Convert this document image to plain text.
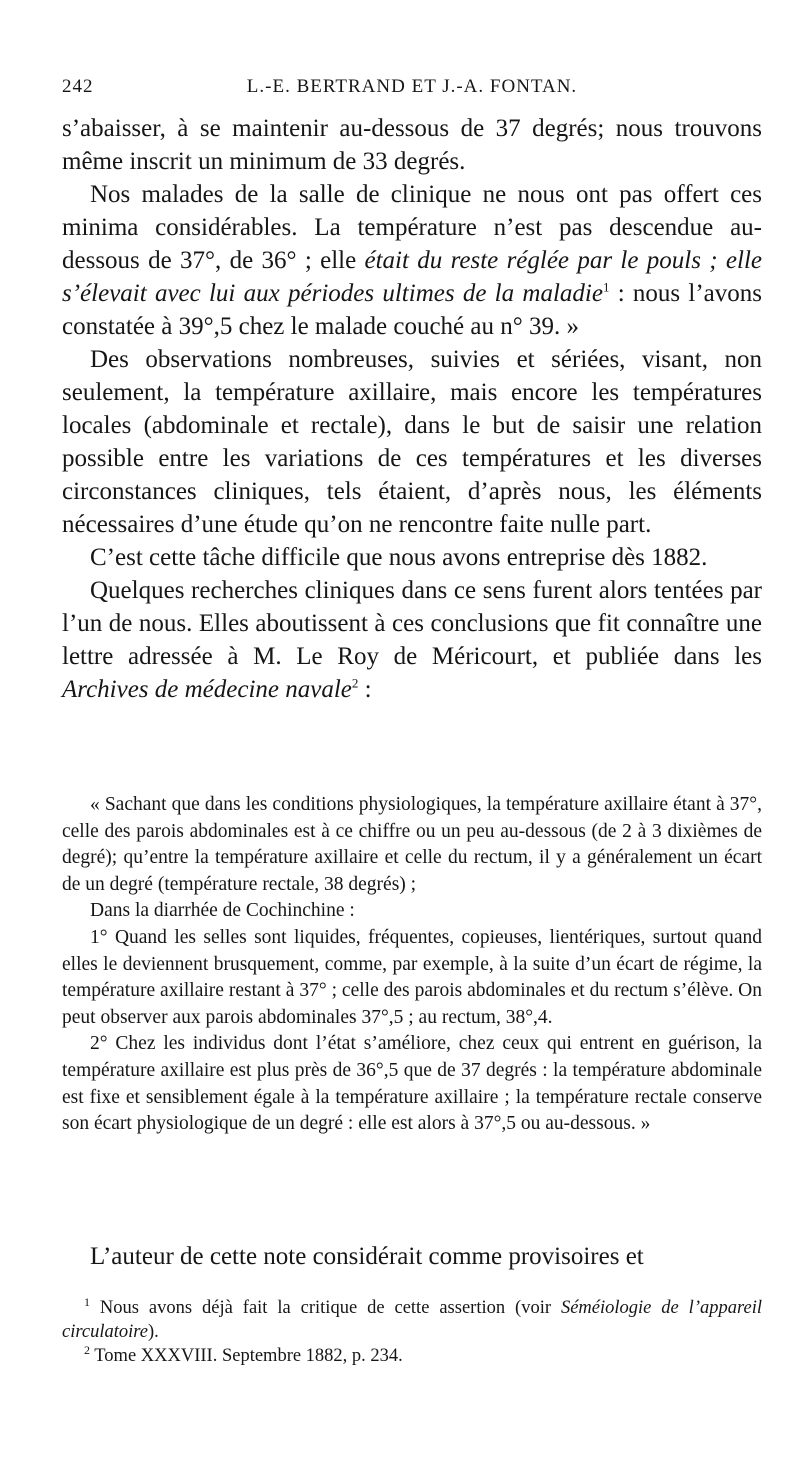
242	L.-E. BERTRAND ET J.-A. FONTAN.

s’abaisser, à se maintenir au-dessous de 37 degrés; nous trouvons même inscrit un minimum de 33 degrés.

Nos malades de la salle de clinique ne nous ont pas offert ces minima considérables. La température n’est pas descendue au-dessous de 37°, de 36° ; elle était du reste réglée par le pouls ; elle s’élevait avec lui aux périodes ultimes de la maladie$^1$ : nous l’avons constatée à 39°,5 chez le malade couché au n° 39. »

Des observations nombreuses, suivies et sériées, visant, non seulement, la température axillaire, mais encore les températures locales (abdominale et rectale), dans le but de saisir une relation possible entre les variations de ces températures et les diverses circonstances cliniques, tels étaient, d’après nous, les éléments nécessaires d’une étude qu’on ne rencontre faite nulle part.

C’est cette tâche difficile que nous avons entreprise dès 1882.

Quelques recherches cliniques dans ce sens furent alors tentées par l’un de nous. Elles aboutissent à ces conclusions que fit connaître une lettre adressée à M. Le Roy de Méricourt, et publiée dans les Archives de médecine navale$^2$ :

« Sachant que dans les conditions physiologiques, la température axillaire étant à 37°, celle des parois abdominales est à ce chiffre ou un peu au-dessous (de 2 à 3 dixièmes de degré); qu’entre la température axillaire et celle du rectum, il y a généralement un écart de un degré (température rectale, 38 degrés) ;

Dans la diarrhée de Cochinchine :

1° Quand les selles sont liquides, fréquentes, copieuses, lientériques, surtout quand elles le deviennent brusquement, comme, par exemple, à la suite d’un écart de régime, la température axillaire restant à 37° ; celle des parois abdominales et du rectum s’élève. On peut observer aux parois abdominales 37°,5 ; au rectum, 38°,4.

2° Chez les individus dont l’état s’améliore, chez ceux qui entrent en guérison, la température axillaire est plus près de 36°,5 que de 37 degrés : la température abdominale est fixe et sensiblement égale à la température axillaire ; la température rectale conserve son écart physiologique de un degré : elle est alors à 37°,5 ou au-dessous. »

L’auteur de cette note considérait comme provisoires et

$^1$ Nous avons déjà fait la critique de cette assertion (voir Séméiologie de l’appareil circulatoire).

$^2$ Tome XXXVIII. Septembre 1882, p. 234.
